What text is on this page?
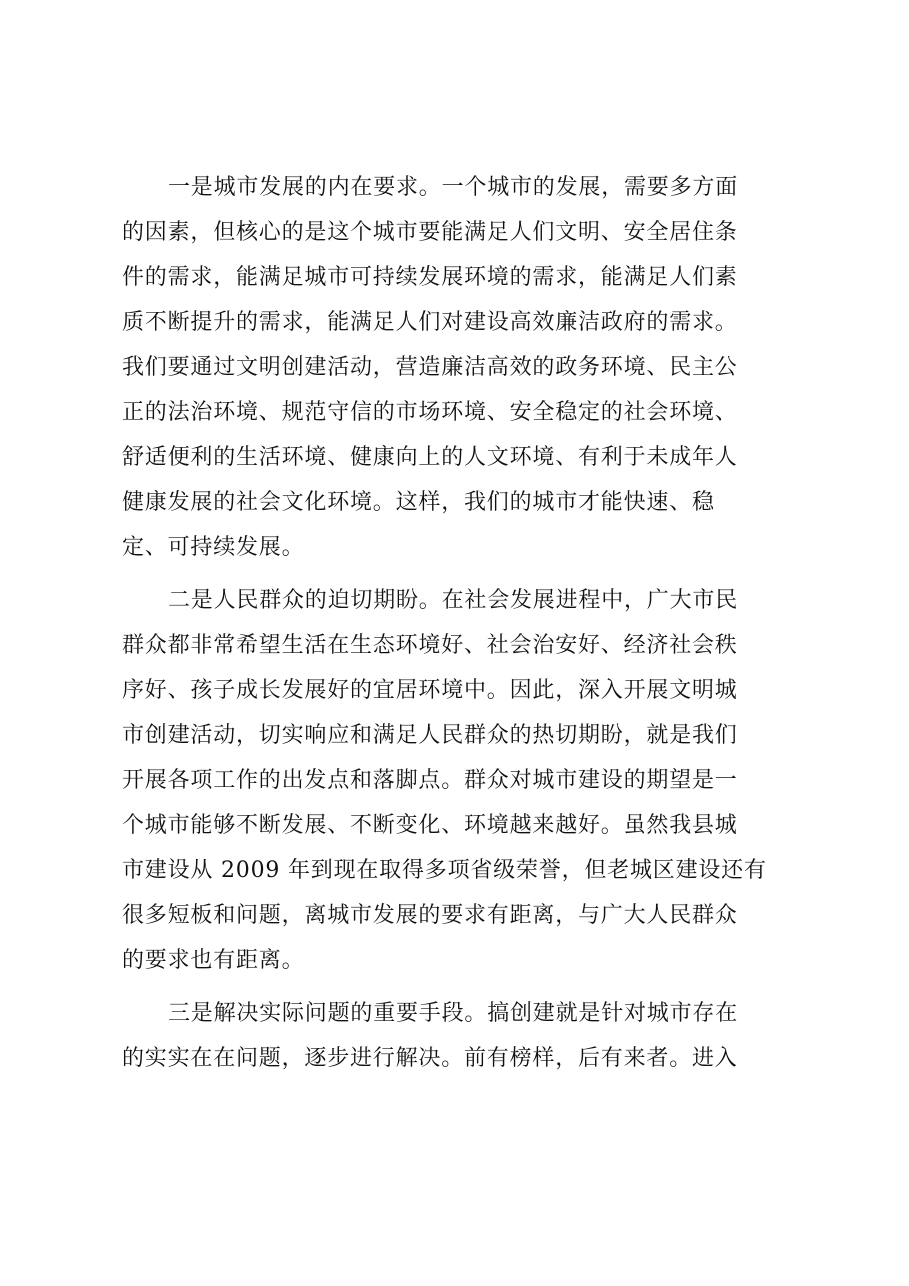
一是城市发展的内在要求。一个城市的发展，需要多方面
的因素，但核心的是这个城市要能满足人们文明、安全居住条
件的需求，能满足城市可持续发展环境的需求，能满足人们素
质不断提升的需求，能满足人们对建设高效廉洁政府的需求。
我们要通过文明创建活动，营造廉洁高效的政务环境、民主公
正的法治环境、规范守信的市场环境、安全稳定的社会环境、
舒适便利的生活环境、健康向上的人文环境、有利于未成年人
健康发展的社会文化环境。这样，我们的城市才能快速、稳
定、可持续发展。
二是人民群众的迫切期盼。在社会发展进程中，广大市民
群众都非常希望生活在生态环境好、社会治安好、经济社会秩
序好、孩子成长发展好的宜居环境中。因此，深入开展文明城
市创建活动，切实响应和满足人民群众的热切期盼，就是我们
开展各项工作的出发点和落脚点。群众对城市建设的期望是一
个城市能够不断发展、不断变化、环境越来越好。虽然我县城
市建设从 2009 年到现在取得多项省级荣誉，但老城区建设还有
很多短板和问题，离城市发展的要求有距离，与广大人民群众
的要求也有距离。
三是解决实际问题的重要手段。搞创建就是针对城市存在
的实实在在问题，逐步进行解决。前有榜样，后有来者。进入
